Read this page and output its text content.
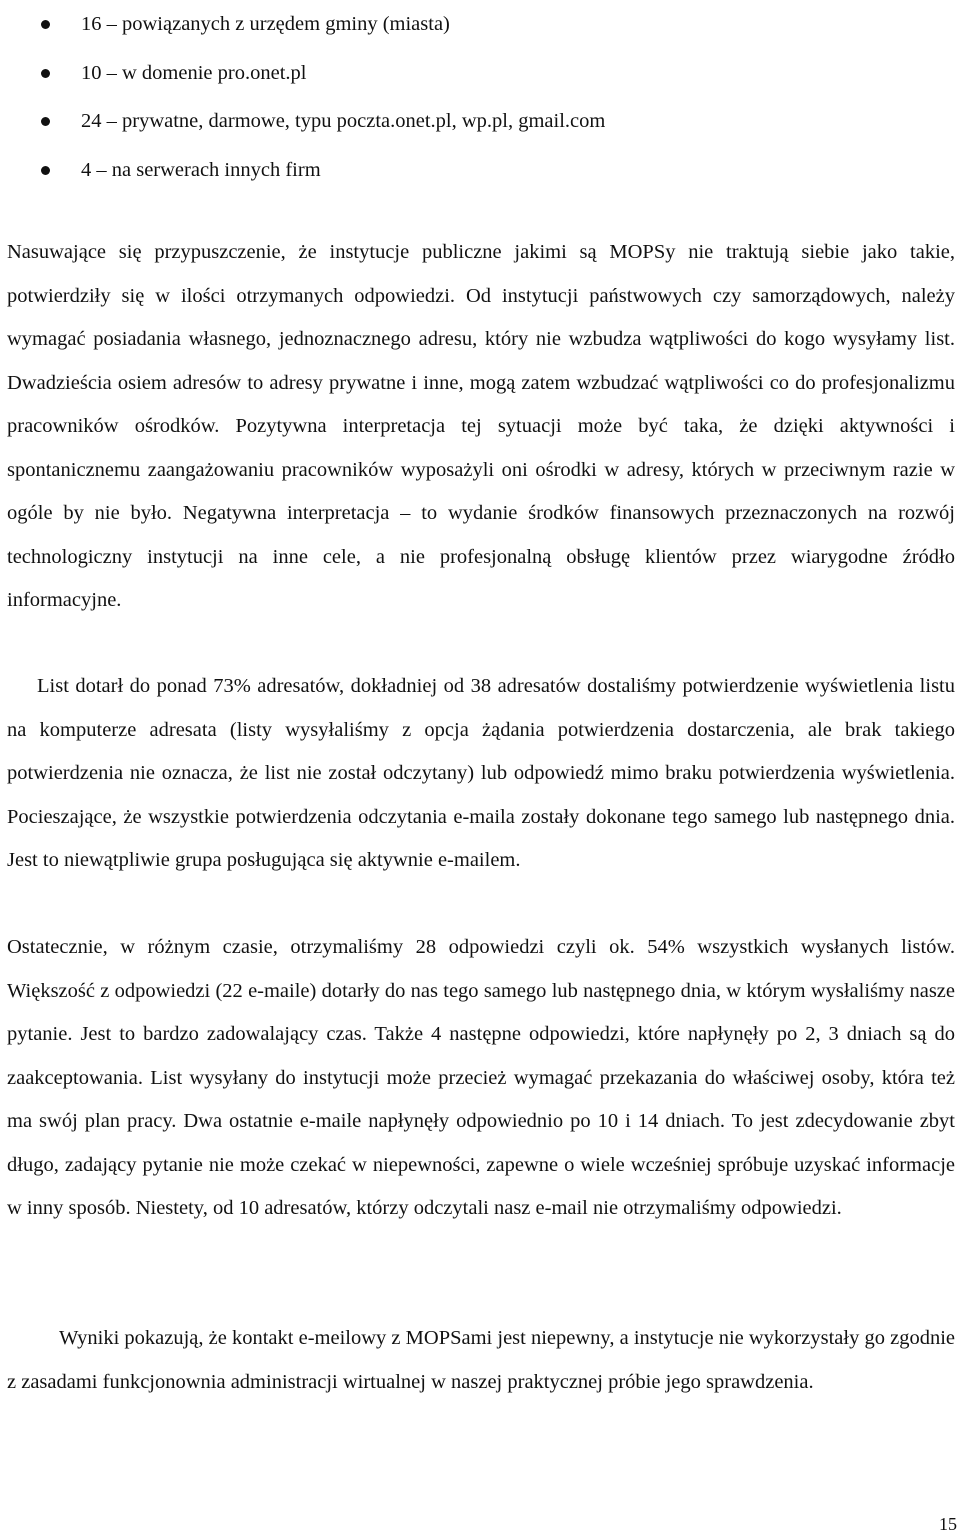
16 – powiązanych z urzędem gminy (miasta)
10 – w domenie pro.onet.pl
24 – prywatne, darmowe, typu poczta.onet.pl, wp.pl, gmail.com
4 – na serwerach innych firm

Nasuwające się przypuszczenie, że instytucje publiczne jakimi są MOPSy nie traktują siebie jako takie, potwierdziły się w ilości otrzymanych odpowiedzi. Od instytucji państwowych czy samorządowych, należy wymagać posiadania własnego, jednoznacznego adresu, który nie wzbudza wątpliwości do kogo wysyłamy list. Dwadzieścia osiem adresów to adresy prywatne i inne, mogą zatem wzbudzać wątpliwości co do profesjonalizmu pracowników ośrodków. Pozytywna interpretacja tej sytuacji może być taka, że dzięki aktywności i spontanicznemu zaangażowaniu pracowników wyposażyli oni ośrodki w adresy, których w przeciwnym razie w ogóle by nie było. Negatywna interpretacja – to wydanie środków finansowych przeznaczonych na rozwój technologiczny instytucji na inne cele, a nie profesjonalną obsługę klientów przez wiarygodne źródło informacyjne.

List dotarł do ponad 73% adresatów, dokładniej od 38 adresatów dostaliśmy potwierdzenie wyświetlenia listu na komputerze adresata (listy wysyłaliśmy z opcja żądania potwierdzenia dostarczenia, ale brak takiego potwierdzenia nie oznacza, że list nie został odczytany) lub odpowiedź mimo braku potwierdzenia wyświetlenia. Pocieszające, że wszystkie potwierdzenia odczytania e-maila zostały dokonane tego samego lub następnego dnia. Jest to niewątpliwie grupa posługująca się aktywnie e-mailem.

Ostatecznie, w różnym czasie, otrzymaliśmy 28 odpowiedzi czyli ok. 54% wszystkich wysłanych listów. Większość z odpowiedzi (22 e-maile) dotarły do nas tego samego lub następnego dnia, w którym wysłaliśmy nasze pytanie. Jest to bardzo zadowalający czas. Także 4 następne odpowiedzi, które napłynęły po 2, 3 dniach są do zaakceptowania. List wysyłany do instytucji może przecież wymagać przekazania do właściwej osoby, która też ma swój plan pracy. Dwa ostatnie e-maile napłynęły odpowiednio po 10 i 14 dniach. To jest zdecydowanie zbyt długo, zadający pytanie nie może czekać w niepewności, zapewne o wiele wcześniej spróbuje uzyskać informacje w inny sposób. Niestety, od 10 adresatów, którzy odczytali nasz e-mail nie otrzymaliśmy odpowiedzi.

Wyniki pokazują, że kontakt e-meilowy z MOPSami jest niepewny, a instytucje nie wykorzystały go zgodnie z zasadami funkcjonownia administracji wirtualnej w naszej praktycznej próbie jego sprawdzenia.

15
